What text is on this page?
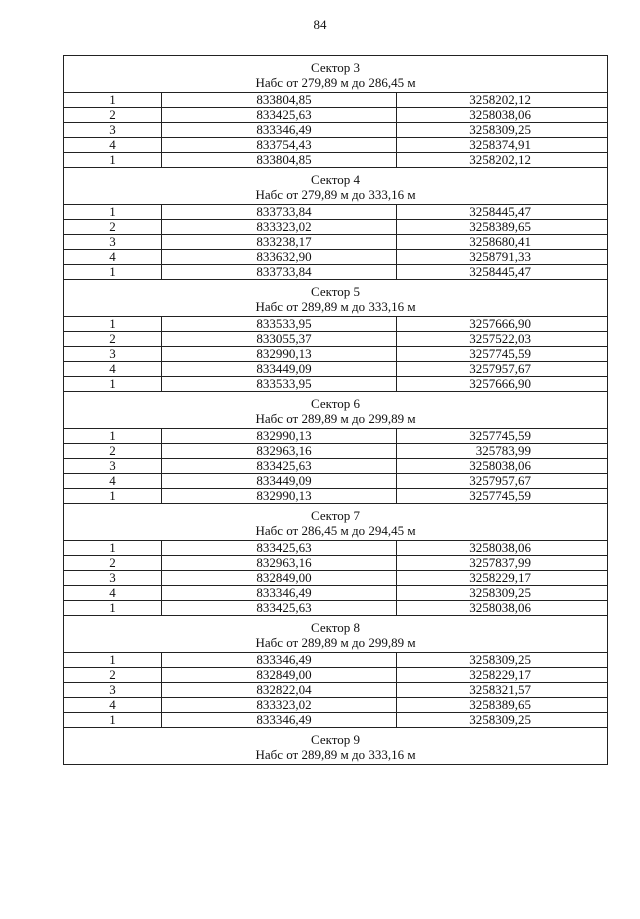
84
Сектор 3
Набс от 279,89 м до 286,45 м		

1	833804,85	3258202,12
2	833425,63	3258038,06
3	833346,49	3258309,25
4	833754,43	3258374,91
1	833804,85	3258202,12

Сектор 4
Набс от 279,89 м до 333,16 м		

1	833733,84	3258445,47
2	833323,02	3258389,65
3	833238,17	3258680,41
4	833632,90	3258791,33
1	833733,84	3258445,47

Сектор 5
Набс от 289,89 м до 333,16 м		

1	833533,95	3257666,90
2	833055,37	3257522,03
3	832990,13	3257745,59
4	833449,09	3257957,67
1	833533,95	3257666,90

Сектор 6
Набс от 289,89 м до 299,89 м		

1	832990,13	3257745,59
2	832963,16	325783,99
3	833425,63	3258038,06
4	833449,09	3257957,67
1	832990,13	3257745,59

Сектор 7
Набс от 286,45 м до 294,45 м		

1	833425,63	3258038,06
2	832963,16	3257837,99
3	832849,00	3258229,17
4	833346,49	3258309,25
1	833425,63	3258038,06

Сектор 8
Набс от 289,89 м до 299,89 м		

1	833346,49	3258309,25
2	832849,00	3258229,17
3	832822,04	3258321,57
4	833323,02	3258389,65
1	833346,49	3258309,25

Сектор 9
Набс от 289,89 м до 333,16 м		
